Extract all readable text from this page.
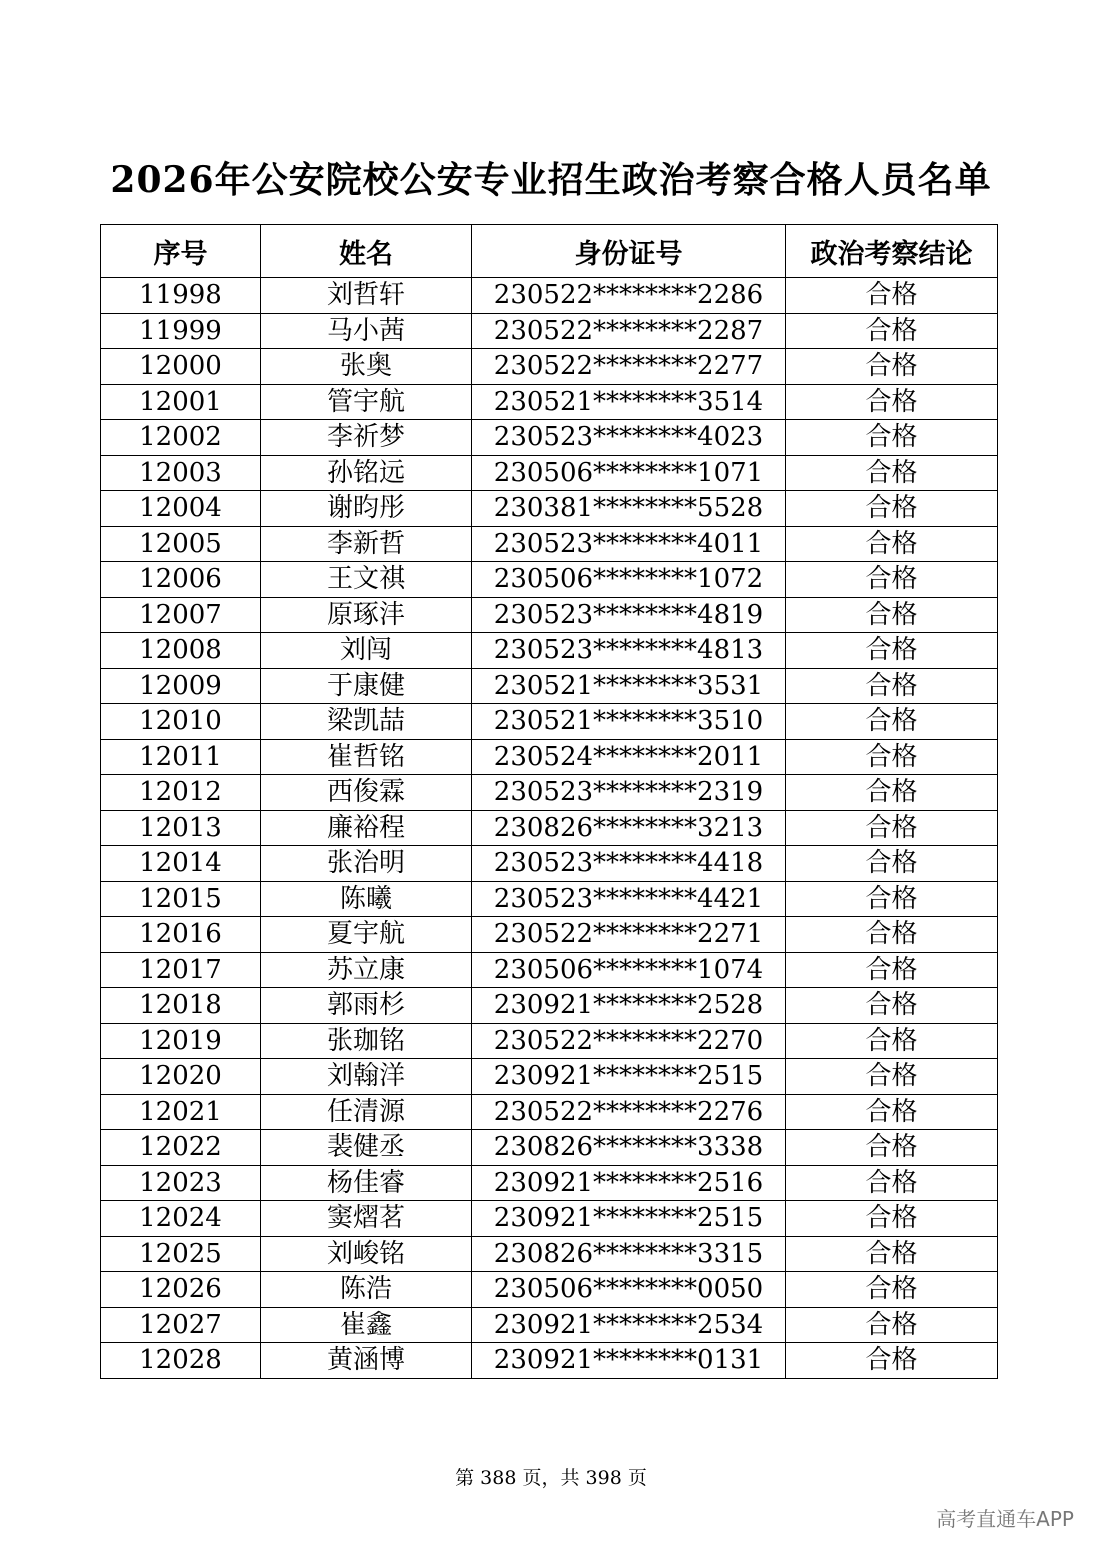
2026年公安院校公安专业招生政治考察合格人员名单
序号	姓名	身份证号	政治考察结论
11998	刘哲轩	230522********2286	合格
11999	马小茜	230522********2287	合格
12000	张奥	230522********2277	合格
12001	管宇航	230521********3514	合格
12002	李祈梦	230523********4023	合格
12003	孙铭远	230506********1071	合格
12004	谢昀彤	230381********5528	合格
12005	李新哲	230523********4011	合格
12006	王文祺	230506********1072	合格
12007	原琢沣	230523********4819	合格
12008	刘闯	230523********4813	合格
12009	于康健	230521********3531	合格
12010	梁凯喆	230521********3510	合格
12011	崔哲铭	230524********2011	合格
12012	西俊霖	230523********2319	合格
12013	廉裕程	230826********3213	合格
12014	张治明	230523********4418	合格
12015	陈曦	230523********4421	合格
12016	夏宇航	230522********2271	合格
12017	苏立康	230506********1074	合格
12018	郭雨杉	230921********2528	合格
12019	张珈铭	230522********2270	合格
12020	刘翰洋	230921********2515	合格
12021	任清源	230522********2276	合格
12022	裴健丞	230826********3338	合格
12023	杨佳睿	230921********2516	合格
12024	窦熠茗	230921********2515	合格
12025	刘峻铭	230826********3315	合格
12026	陈浩	230506********0050	合格
12027	崔鑫	230921********2534	合格
12028	黄涵博	230921********0131	合格
第 388 页，共 398 页
高考直通车APP
